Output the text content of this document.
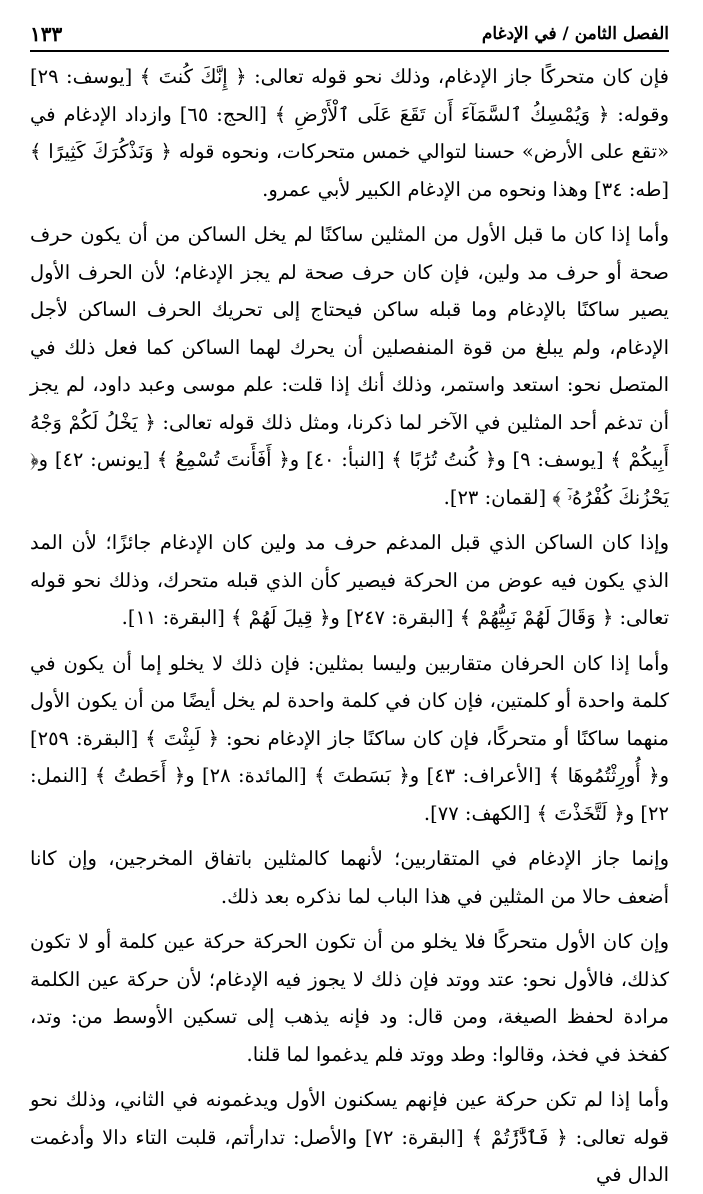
الفصل الثامن / في الإدغام
١٣٣

فإن كان متحركًا جاز الإدغام، وذلك نحو قوله تعالى: ﴿ إِنَّكَ كُنتَ ﴾ [يوسف: ٢٩] وقوله: ﴿ وَيُمْسِكُ ٱلسَّمَآءَ أَن تَقَعَ عَلَى ٱلْأَرْضِ ﴾ [الحج: ٦٥] وازداد الإدغام في «تقع على الأرض» حسنا لتوالي خمس متحركات، ونحوه قوله ﴿ وَنَذْكُرَكَ كَثِيرًا ﴾ [طه: ٣٤] وهذا ونحوه من الإدغام الكبير لأبي عمرو.

وأما إذا كان ما قبل الأول من المثلين ساكنًا لم يخل الساكن من أن يكون حرف صحة أو حرف مد ولين، فإن كان حرف صحة لم يجز الإدغام؛ لأن الحرف الأول يصير ساكنًا بالإدغام وما قبله ساكن فيحتاج إلى تحريك الحرف الساكن لأجل الإدغام، ولم يبلغ من قوة المنفصلين أن يحرك لهما الساكن كما فعل ذلك في المتصل نحو: استعد واستمر، وذلك أنك إذا قلت: علم موسى وعبد داود، لم يجز أن تدغم أحد المثلين في الآخر لما ذكرنا، ومثل ذلك قوله تعالى: ﴿ يَخْلُ لَكُمْ وَجْهُ أَبِيكُمْ ﴾ [يوسف: ٩] و﴿ كُنتُ تُرَٰبًا ﴾ [النبأ: ٤٠] و﴿ أَفَأَنتَ تُسْمِعُ ﴾ [يونس: ٤٢] و﴿ يَحْزُنكَ كُفْرُهُۥٓ ﴾ [لقمان: ٢٣].

وإذا كان الساكن الذي قبل المدغم حرف مد ولين كان الإدغام جائزًا؛ لأن المد الذي يكون فيه عوض من الحركة فيصير كأن الذي قبله متحرك، وذلك نحو قوله تعالى: ﴿ وَقَالَ لَهُمْ نَبِيُّهُمْ ﴾ [البقرة: ٢٤٧] و﴿ قِيلَ لَهُمْ ﴾ [البقرة: ١١].

وأما إذا كان الحرفان متقاربين وليسا بمثلين: فإن ذلك لا يخلو إما أن يكون في كلمة واحدة أو كلمتين، فإن كان في كلمة واحدة لم يخل أيضًا من أن يكون الأول منهما ساكنًا أو متحركًا، فإن كان ساكنًا جاز الإدغام نحو: ﴿ لَبِثْتَ ﴾ [البقرة: ٢٥٩] و﴿ أُورِثْتُمُوهَا ﴾ [الأعراف: ٤٣] و﴿ بَسَطتَ ﴾ [المائدة: ٢٨] و﴿ أَحَطتُ ﴾ [النمل: ٢٢] و﴿ لَتَّخَذْتَ ﴾ [الكهف: ٧٧].

وإنما جاز الإدغام في المتقاربين؛ لأنهما كالمثلين باتفاق المخرجين، وإن كانا أضعف حالا من المثلين في هذا الباب لما نذكره بعد ذلك.

وإن كان الأول متحركًا فلا يخلو من أن تكون الحركة حركة عين كلمة أو لا تكون كذلك، فالأول نحو: عتد ووتد فإن ذلك لا يجوز فيه الإدغام؛ لأن حركة عين الكلمة مرادة لحفظ الصيغة، ومن قال: ود فإنه يذهب إلى تسكين الأوسط من: وتد، كفخذ في فخذ، وقالوا: وطد ووتد فلم يدغموا لما قلنا.

وأما إذا لم تكن حركة عين فإنهم يسكنون الأول ويدغمونه في الثاني، وذلك نحو قوله تعالى: ﴿ فَٱدَّٰرَٰٔتُمْ ﴾ [البقرة: ٧٢] والأصل: تدارأتم، قلبت التاء دالا وأدغمت الدال في
